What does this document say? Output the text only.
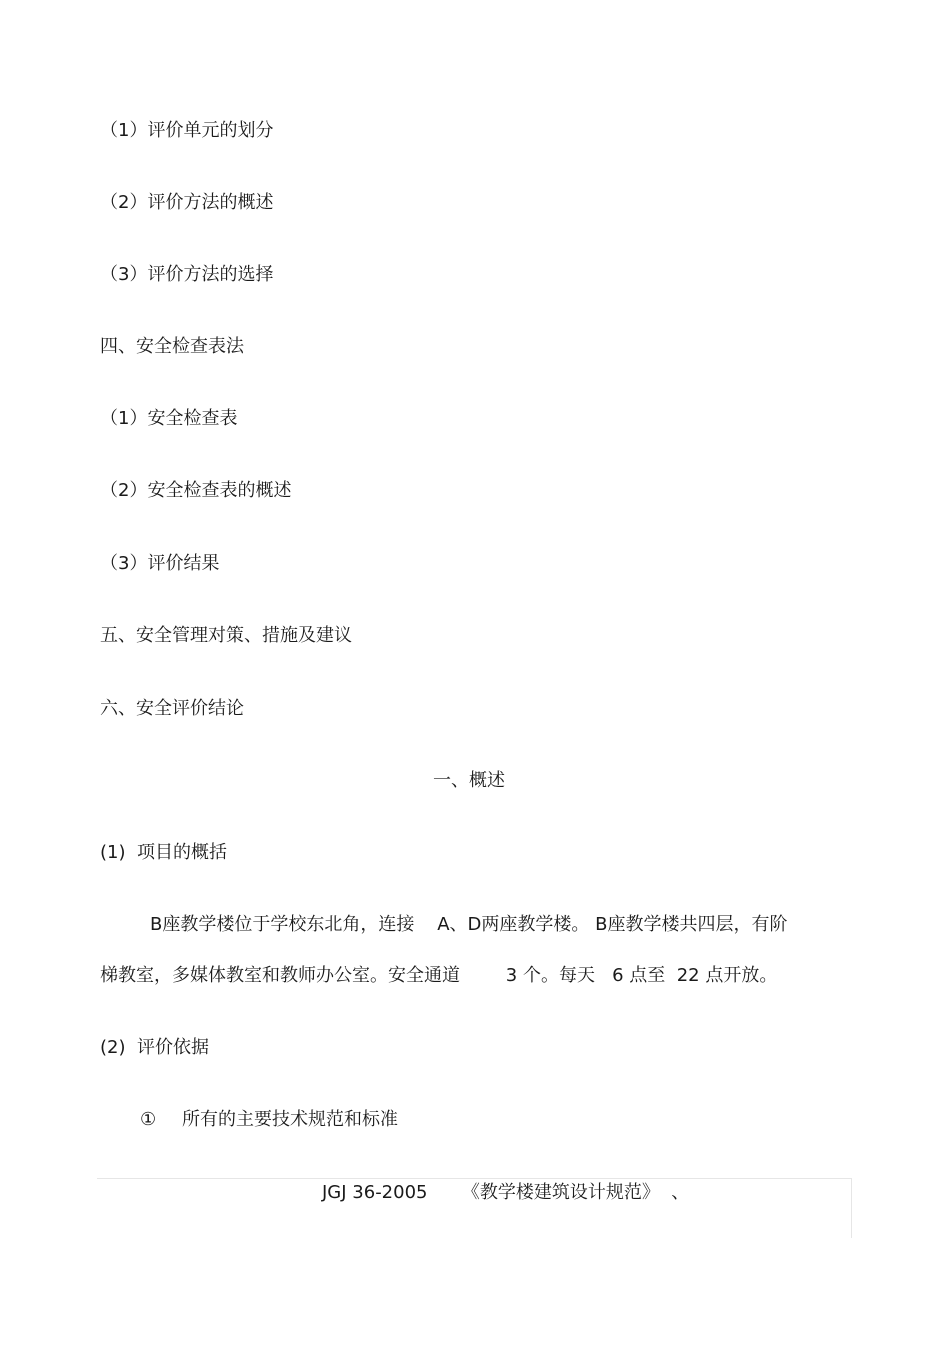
（1）评价单元的划分
（2）评价方法的概述
（3）评价方法的选择
四、安全检查表法
（1）安全检查表
（2）安全检查表的概述
（3）评价结果
五、安全管理对策、措施及建议
六、安全评价结论
一、概述
(1)  项目的概括
B座教学楼位于学校东北角，连接    A、D两座教学楼。 B座教学楼共四层，有阶
梯教室，多媒体教室和教师办公室。安全通道        3 个。每天   6 点至  22 点开放。
(2)  评价依据
① 所有的主要技术规范和标准
JGJ 36-2005      《教学楼建筑设计规范》  、
